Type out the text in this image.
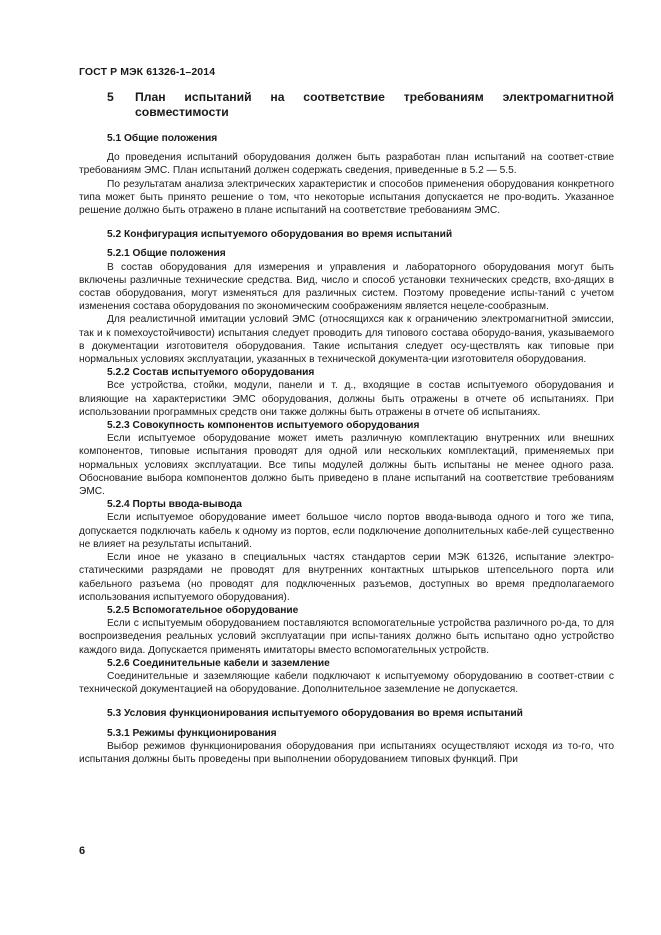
ГОСТ Р МЭК 61326-1–2014
5	План испытаний на соответствие требованиям электромагнитной совместимости
5.1 Общие положения

До проведения испытаний оборудования должен быть разработан план испытаний на соответ-ствие требованиям ЭМС. План испытаний должен содержать сведения, приведенные в 5.2 — 5.5.

По результатам анализа электрических характеристик и способов применения оборудования конкретного типа может быть принято решение о том, что некоторые испытания допускается не про-водить. Указанное решение должно быть отражено в плане испытаний на соответствие требованиям ЭМС.

5.2 Конфигурация испытуемого оборудования во время испытаний
5.2.1 Общие положения

В состав оборудования для измерения и управления и лабораторного оборудования могут быть включены различные технические средства. Вид, число и способ установки технических средств, вхо-дящих в состав оборудования, могут изменяться для различных систем. Поэтому проведение испы-таний с учетом изменения состава оборудования по экономическим соображениям является нецеле-сообразным.

Для реалистичной имитации условий ЭМС (относящихся как к ограничению электромагнитной эмиссии, так и к помехоустойчивости) испытания следует проводить для типового состава оборудо-вания, указываемого в документации изготовителя оборудования. Такие испытания следует осу-ществлять как типовые при нормальных условиях эксплуатации, указанных в технической документа-ции изготовителя оборудования.

5.2.2 Состав испытуемого оборудования

Все устройства, стойки, модули, панели и т. д., входящие в состав испытуемого оборудования и влияющие на характеристики ЭМС оборудования, должны быть отражены в отчете об испытаниях. При использовании программных средств они также должны быть отражены в отчете об испытаниях.

5.2.3 Совокупность компонентов испытуемого оборудования

Если испытуемое оборудование может иметь различную комплектацию внутренних или внешних компонентов, типовые испытания проводят для одной или нескольких комплектаций, применяемых при нормальных условиях эксплуатации. Все типы модулей должны быть испытаны не менее одного раза. Обоснование выбора компонентов должно быть приведено в плане испытаний на соответствие требованиям ЭМС.

5.2.4 Порты ввода-вывода

Если испытуемое оборудование имеет большое число портов ввода-вывода одного и того же типа, допускается подключать кабель к одному из портов, если подключение дополнительных кабе-лей существенно не влияет на результаты испытаний.

Если иное не указано в специальных частях стандартов серии МЭК 61326, испытание электро-статическими разрядами не проводят для внутренних контактных штырьков штепсельного порта или кабельного разъема (но проводят для подключенных разъемов, доступных во время предполагаемого использования испытуемого оборудования).

5.2.5 Вспомогательное оборудование

Если с испытуемым оборудованием поставляются вспомогательные устройства различного ро-да, то для воспроизведения реальных условий эксплуатации при испы-таниях должно быть испытано одно устройство каждого вида. Допускается применять имитаторы вместо вспомогательных устройств.

5.2.6 Соединительные кабели и заземление

Соединительные и заземляющие кабели подключают к испытуемому оборудованию в соответ-ствии с технической документацией на оборудование. Дополнительное заземление не допускается.

5.3 Условия функционирования испытуемого оборудования во время испытаний
5.3.1 Режимы функционирования

Выбор режимов функционирования оборудования при испытаниях осуществляют исходя из то-го, что испытания должны быть проведены при выполнении оборудованием типовых функций. При

6
